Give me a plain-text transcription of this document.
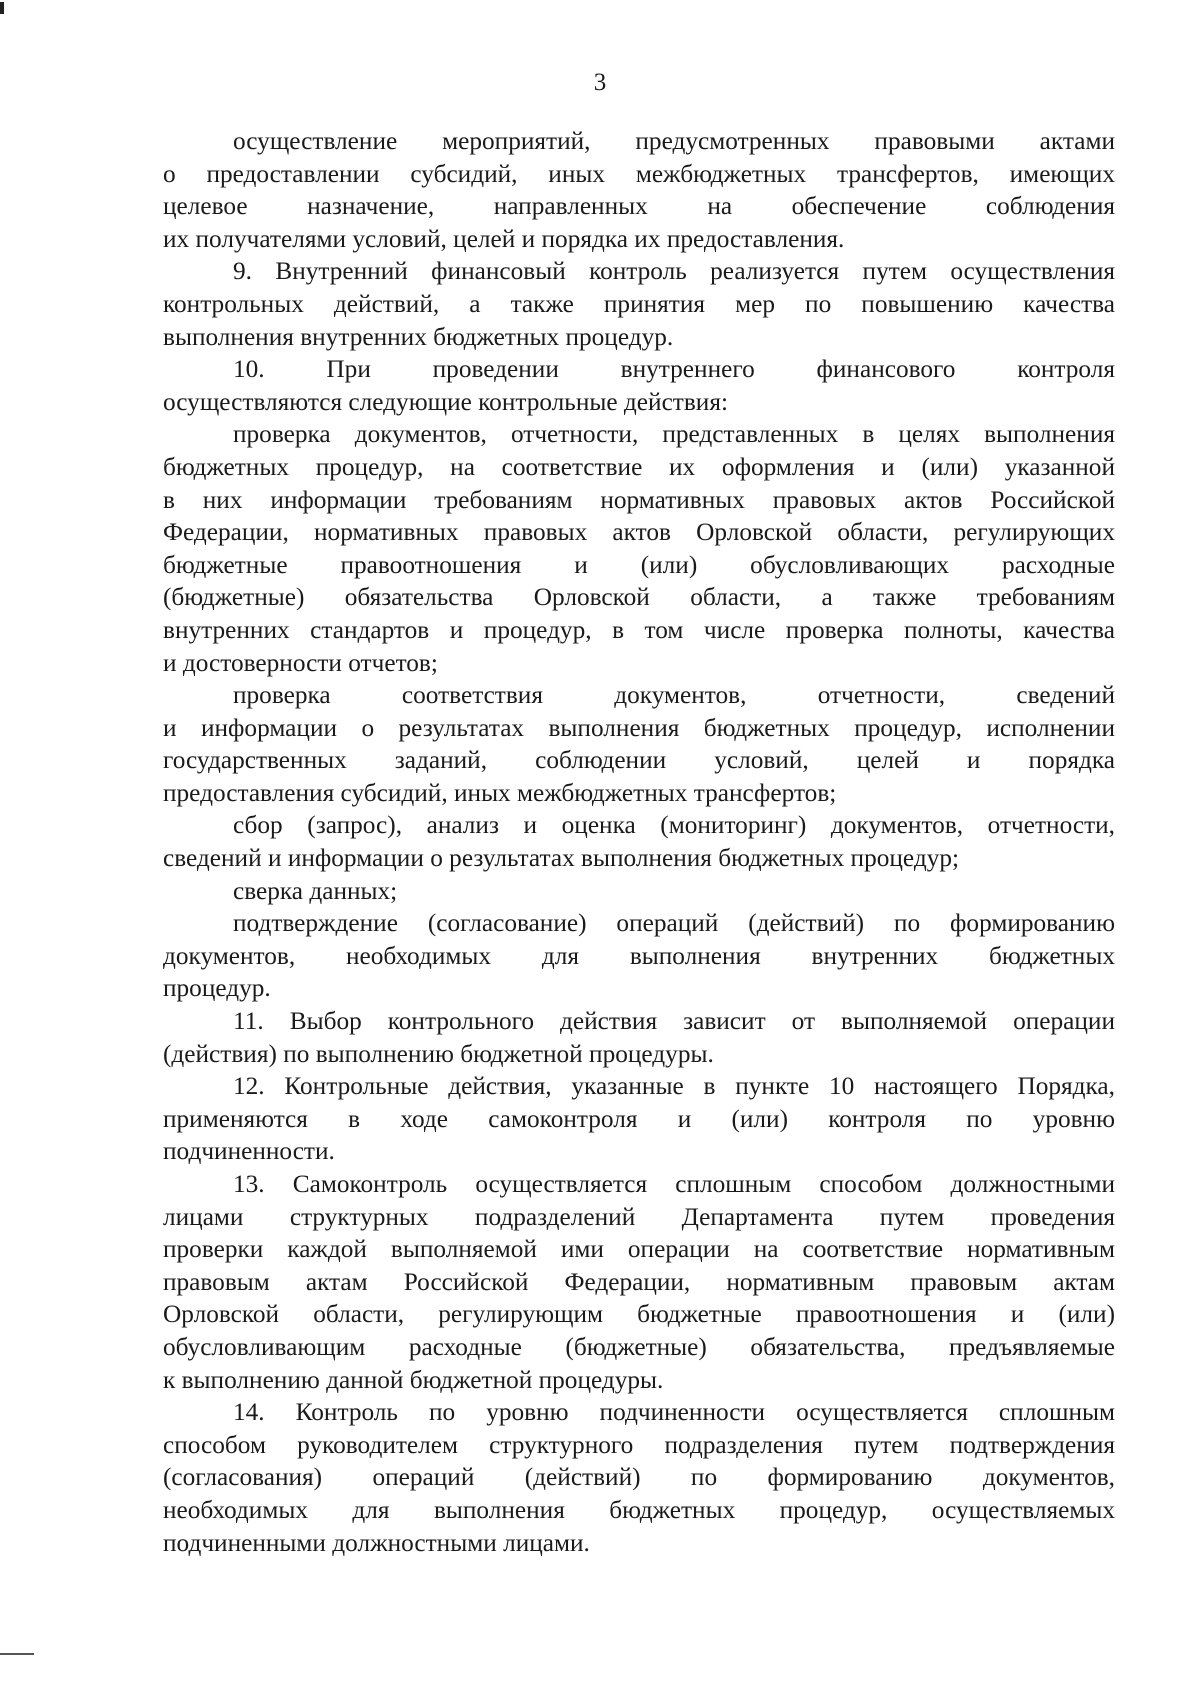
3
осуществление мероприятий, предусмотренных правовыми актами
о предоставлении субсидий, иных межбюджетных трансфертов, имеющих
целевое назначение, направленных на обеспечение соблюдения
их получателями условий, целей и порядка их предоставления.
9. Внутренний финансовый контроль реализуется путем осуществления
контрольных действий, а также принятия мер по повышению качества
выполнения внутренних бюджетных процедур.
10. При проведении внутреннего финансового контроля
осуществляются следующие контрольные действия:
проверка документов, отчетности, представленных в целях выполнения
бюджетных процедур, на соответствие их оформления и (или) указанной
в них информации требованиям нормативных правовых актов Российской
Федерации, нормативных правовых актов Орловской области, регулирующих
бюджетные правоотношения и (или) обусловливающих расходные
(бюджетные) обязательства Орловской области, а также требованиям
внутренних стандартов и процедур, в том числе проверка полноты, качества
и достоверности отчетов;
проверка соответствия документов, отчетности, сведений
и информации о результатах выполнения бюджетных процедур, исполнении
государственных заданий, соблюдении условий, целей и порядка
предоставления субсидий, иных межбюджетных трансфертов;
сбор (запрос), анализ и оценка (мониторинг) документов, отчетности,
сведений и информации о результатах выполнения бюджетных процедур;
сверка данных;
подтверждение (согласование) операций (действий) по формированию
документов, необходимых для выполнения внутренних бюджетных
процедур.
11. Выбор контрольного действия зависит от выполняемой операции
(действия) по выполнению бюджетной процедуры.
12. Контрольные действия, указанные в пункте 10 настоящего Порядка,
применяются в ходе самоконтроля и (или) контроля по уровню
подчиненности.
13. Самоконтроль осуществляется сплошным способом должностными
лицами структурных подразделений Департамента путем проведения
проверки каждой выполняемой ими операции на соответствие нормативным
правовым актам Российской Федерации, нормативным правовым актам
Орловской области, регулирующим бюджетные правоотношения и (или)
обусловливающим расходные (бюджетные) обязательства, предъявляемые
к выполнению данной бюджетной процедуры.
14. Контроль по уровню подчиненности осуществляется сплошным
способом руководителем структурного подразделения путем подтверждения
(согласования) операций (действий) по формированию документов,
необходимых для выполнения бюджетных процедур, осуществляемых
подчиненными должностными лицами.
